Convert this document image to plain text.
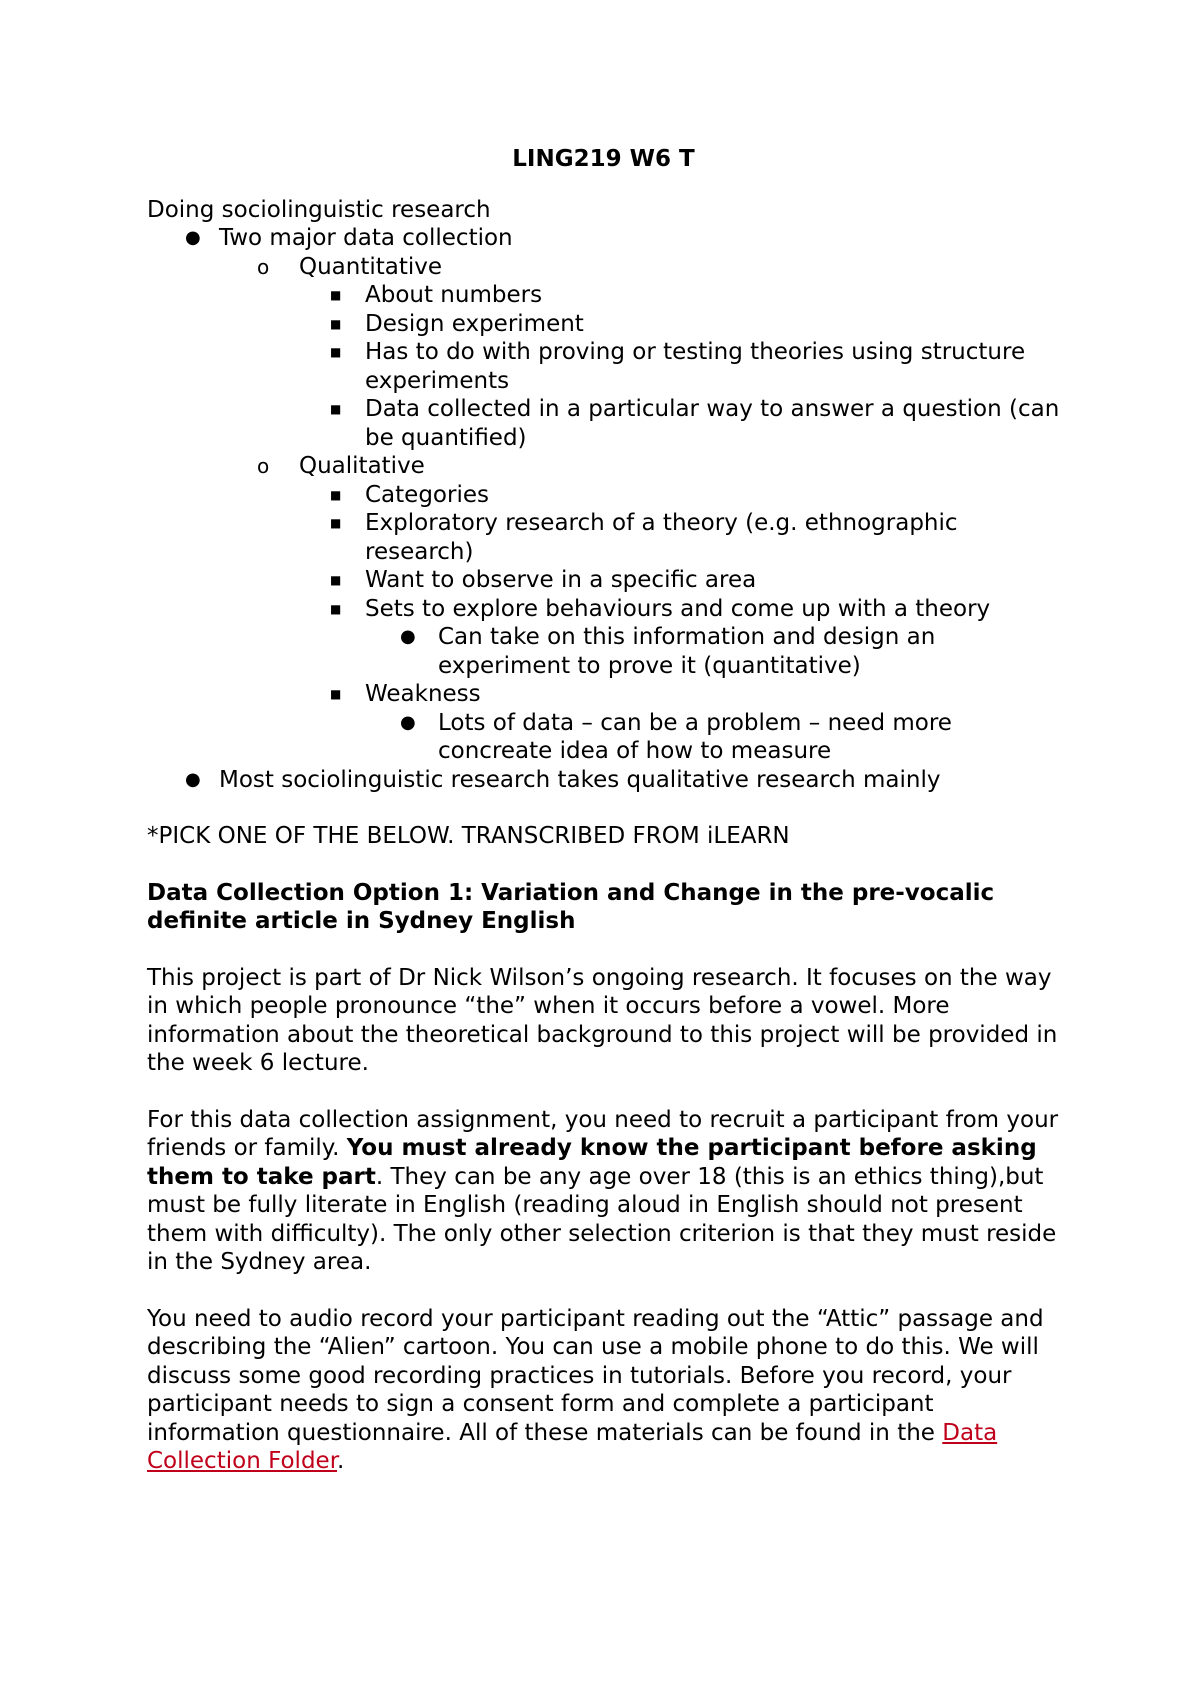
LING219 W6 T

Doing sociolinguistic research

● Two major data collection
o Quantitative
■ About numbers
■ Design experiment
■ Has to do with proving or testing theories using structure experiments
■ Data collected in a particular way to answer a question (can be quantified)
o Qualitative
■ Categories
■ Exploratory research of a theory (e.g. ethnographic research)
■ Want to observe in a specific area
■ Sets to explore behaviours and come up with a theory
● Can take on this information and design an experiment to prove it (quantitative)
■ Weakness
● Lots of data – can be a problem – need more concreate idea of how to measure
● Most sociolinguistic research takes qualitative research mainly

*PICK ONE OF THE BELOW. TRANSCRIBED FROM iLEARN

Data Collection Option 1: Variation and Change in the pre-vocalic definite article in Sydney English

This project is part of Dr Nick Wilson’s ongoing research. It focuses on the way in which people pronounce “the” when it occurs before a vowel. More information about the theoretical background to this project will be provided in the week 6 lecture.

For this data collection assignment, you need to recruit a participant from your friends or family. You must already know the participant before asking them to take part. They can be any age over 18 (this is an ethics thing),but must be fully literate in English (reading aloud in English should not present them with difficulty). The only other selection criterion is that they must reside in the Sydney area.

You need to audio record your participant reading out the “Attic” passage and describing the “Alien” cartoon. You can use a mobile phone to do this. We will discuss some good recording practices in tutorials. Before you record, your participant needs to sign a consent form and complete a participant information questionnaire. All of these materials can be found in the Data Collection Folder.
